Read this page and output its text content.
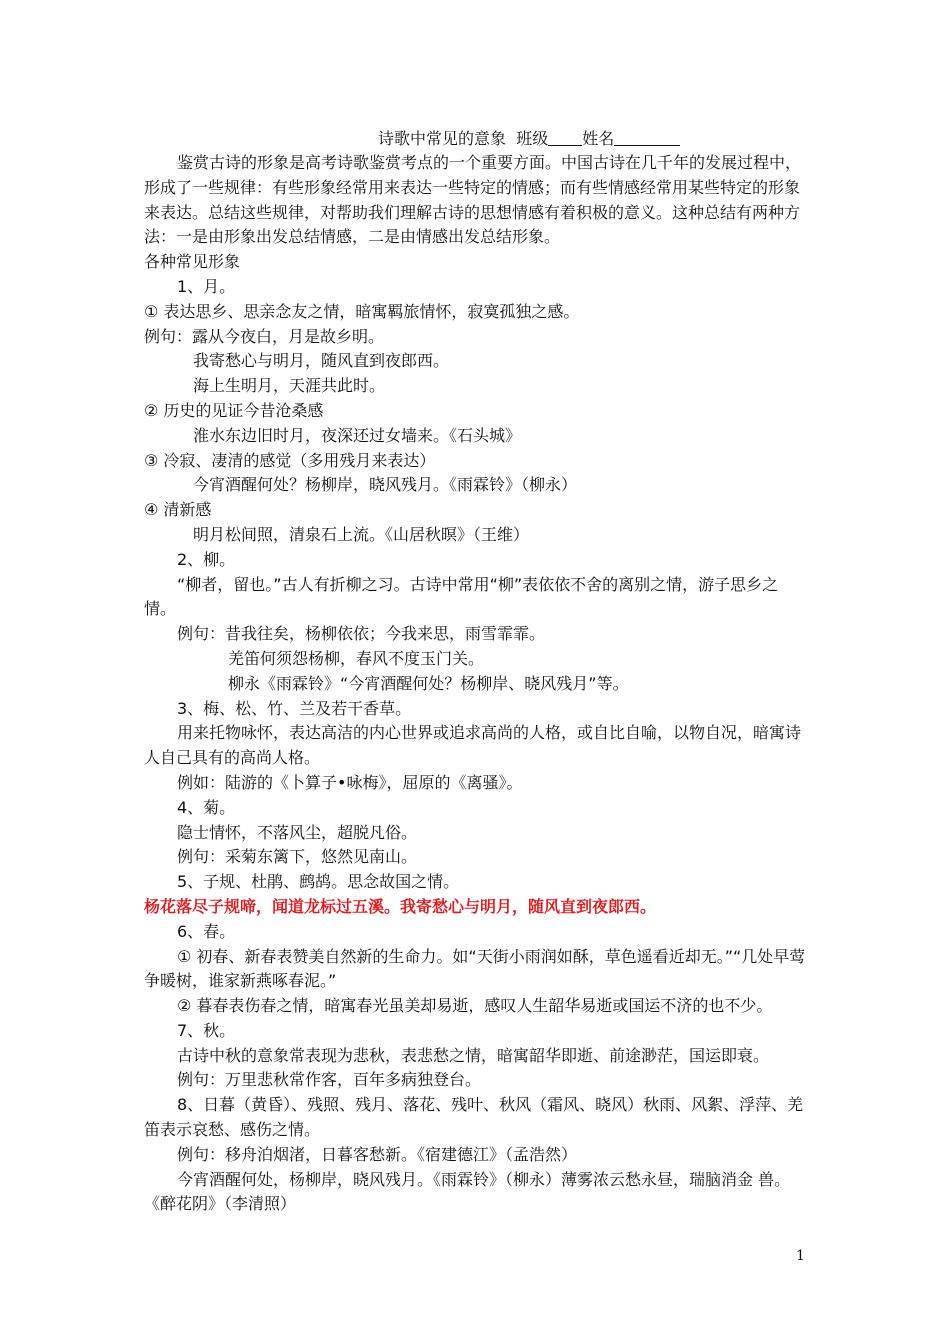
诗歌中常见的意象 班级 姓名

鉴赏古诗的形象是高考诗歌鉴赏考点的一个重要方面。中国古诗在几千年的发展过程中，形成了一些规律：有些形象经常用来表达一些特定的情感；而有些情感经常用某些特定的形象来表达。总结这些规律，对帮助我们理解古诗的思想情感有着积极的意义。这种总结有两种方法：一是由形象出发总结情感，二是由情感出发总结形象。

各种常见形象

1、月。

① 表达思乡、思亲念友之情，暗寓羁旅情怀，寂寞孤独之感。

例句：露从今夜白，月是故乡明。

我寄愁心与明月，随风直到夜郎西。

海上生明月，天涯共此时。

② 历史的见证今昔沧桑感

淮水东边旧时月，夜深还过女墙来。《石头城》

③ 冷寂、凄清的感觉（多用残月来表达）

今宵酒醒何处？杨柳岸，晓风残月。《雨霖铃》（柳永）

④ 清新感

明月松间照，清泉石上流。《山居秋暝》（王维）

2、柳。

“柳者，留也。”古人有折柳之习。古诗中常用“柳”表依依不舍的离别之情，游子思乡之情。

例句：昔我往矣，杨柳依依；今我来思，雨雪霏霏。

羌笛何须怨杨柳，春风不度玉门关。

柳永《雨霖铃》“今宵酒醒何处？杨柳岸、晓风残月”等。

3、梅、松、竹、兰及若干香草。

用来托物咏怀，表达高洁的内心世界或追求高尚的人格，或自比自喻，以物自况，暗寓诗人自己具有的高尚人格。

例如：陆游的《卜算子•咏梅》，屈原的《离骚》。

4、菊。

隐士情怀，不落风尘，超脱凡俗。

例句：采菊东篱下，悠然见南山。

5、子规、杜鹃、鹧鸪。思念故国之情。

杨花落尽子规啼，闻道龙标过五溪。我寄愁心与明月，随风直到夜郎西。

6、春。

① 初春、新春表赞美自然新的生命力。如“天街小雨润如酥，草色遥看近却无。”“几处早莺争暖树，谁家新燕啄春泥。”

② 暮春表伤春之情，暗寓春光虽美却易逝，感叹人生韶华易逝或国运不济的也不少。

7、秋。

古诗中秋的意象常表现为悲秋，表悲愁之情，暗寓韶华即逝、前途渺茫，国运即衰。

例句：万里悲秋常作客，百年多病独登台。

8、日暮（黄昏）、残照、残月、落花、残叶、秋风（霜风、晓风）秋雨、风絮、浮萍、羌笛表示哀愁、感伤之情。

例句：移舟泊烟渚，日暮客愁新。《宿建德江》（孟浩然）

今宵酒醒何处，杨柳岸，晓风残月。《雨霖铃》（柳永）薄雾浓云愁永昼，瑞脑消金 兽。《醉花阴》（李清照）

1
